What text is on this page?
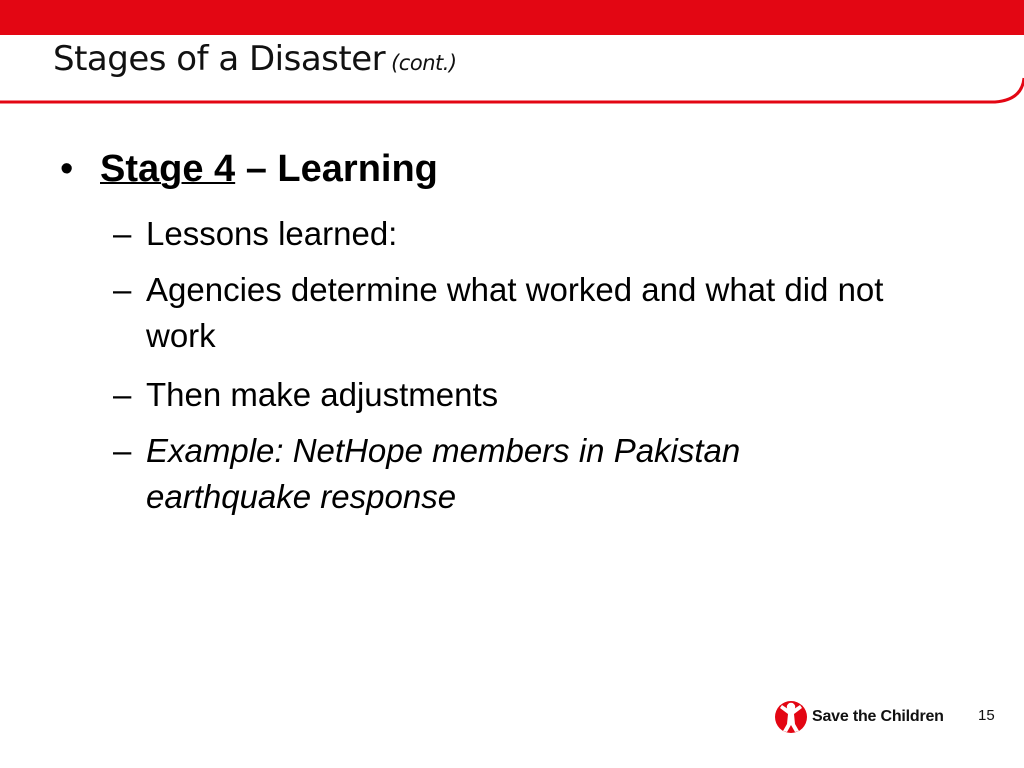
Stages of a Disaster (cont.)
• Stage 4 – Learning
– Lessons learned:
– Agencies determine what worked and what did not work
– Then make adjustments
– Example: NetHope members in Pakistan earthquake response
Save the Children 15
